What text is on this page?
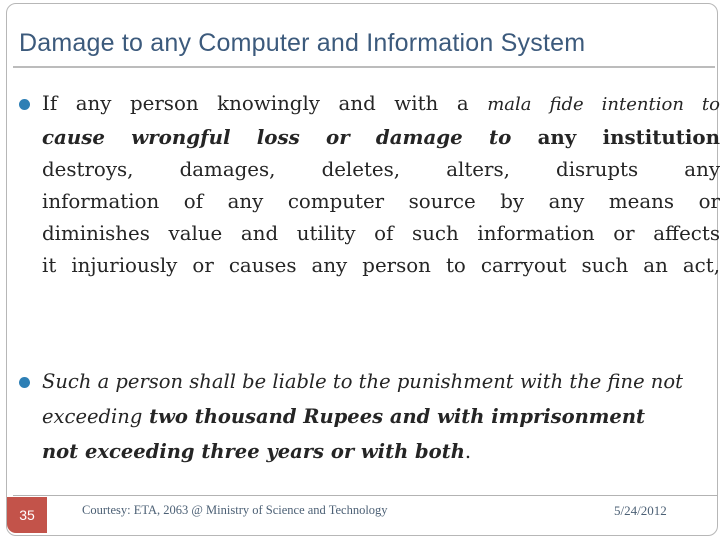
Damage to any Computer and Information System

If any person knowingly and with a mala fide intention to
cause wrongful loss or damage to any institution
destroys, damages, deletes, alters, disrupts any
information of any computer source by any means or
diminishes value and utility of such information or affects
it injuriously or causes any person to carryout such an act,

Such a person shall be liable to the punishment with the fine not
exceeding two thousand Rupees and with imprisonment
not exceeding three years or with both.

35	Courtesy: ETA, 2063 @ Ministry of Science and Technology	5/24/2012
